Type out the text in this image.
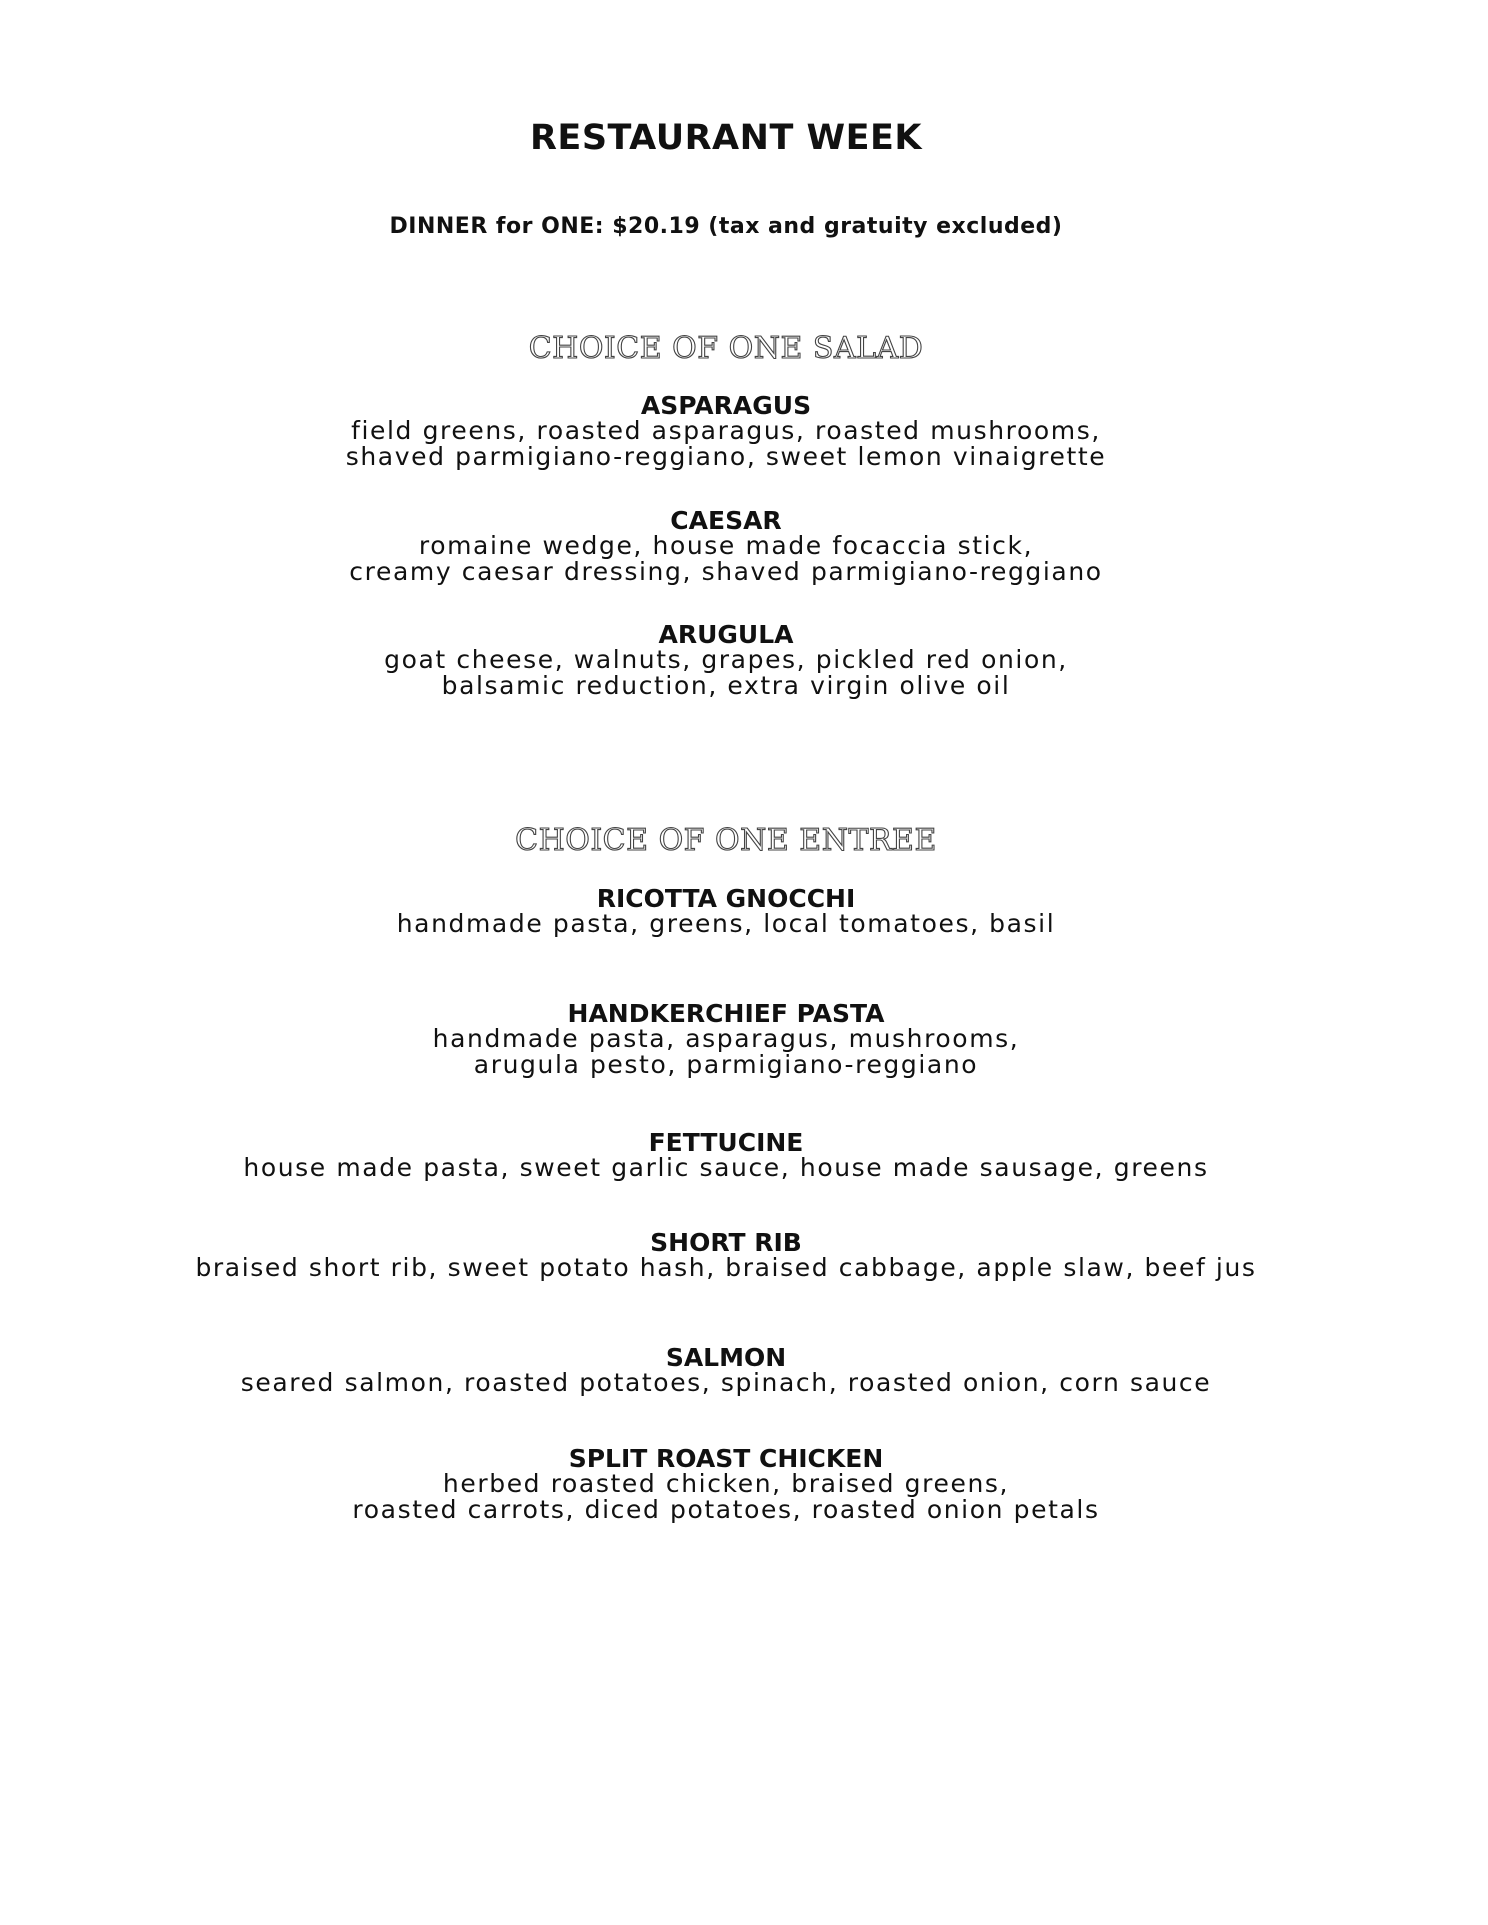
RESTAURANT WEEK
DINNER for ONE: $20.19 (tax and gratuity excluded)
CHOICE OF ONE SALAD
ASPARAGUS
field greens, roasted asparagus, roasted mushrooms,
shaved parmigiano-reggiano, sweet lemon vinaigrette
CAESAR
romaine wedge, house made focaccia stick,
creamy caesar dressing, shaved parmigiano-reggiano
ARUGULA
goat cheese, walnuts, grapes, pickled red onion,
balsamic reduction, extra virgin olive oil
CHOICE OF ONE ENTREE
RICOTTA GNOCCHI
handmade pasta, greens, local tomatoes, basil
HANDKERCHIEF PASTA
handmade pasta, asparagus, mushrooms,
arugula pesto, parmigiano-reggiano
FETTUCINE
house made pasta, sweet garlic sauce, house made sausage, greens
SHORT RIB
braised short rib, sweet potato hash, braised cabbage, apple slaw, beef jus
SALMON
seared salmon, roasted potatoes, spinach, roasted onion, corn sauce
SPLIT ROAST CHICKEN
herbed roasted chicken, braised greens,
roasted carrots, diced potatoes, roasted onion petals
